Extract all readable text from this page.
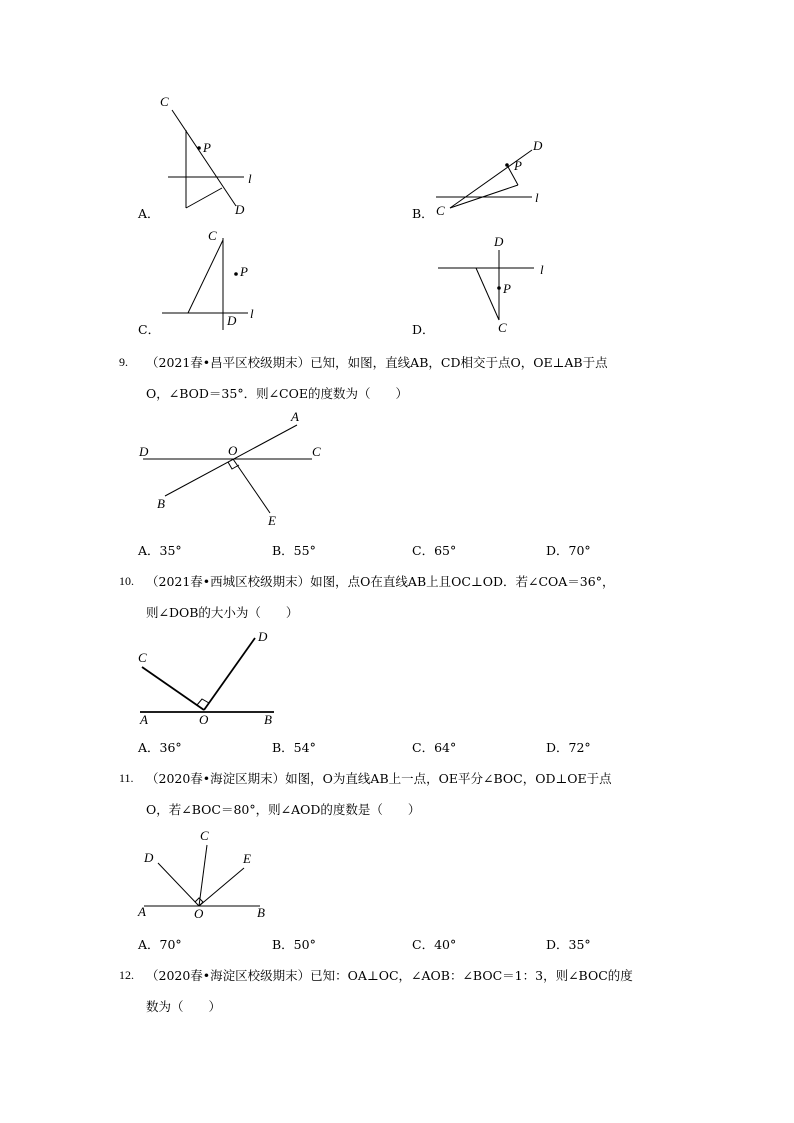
C
P
D
l
A．
D
P
l
C
B．
C
P
l
D
C．
D
l
P
C
D．
9. （2021春•昌平区校级期末）已知，如图，直线AB，CD相交于点O，OE⊥AB于点
O，∠BOD＝35°．则∠COE的度数为（　　）
D	O
A
C
B
E
A．35°	B．55°	C．65°	D．70°
10. （2021春•西城区校级期末）如图，点O在直线AB上且OC⊥OD．若∠COA＝36°，
则∠DOB的大小为（　　）
C
D
A	O	B
A．36°	B．54°	C．64°	D．72°
11. （2020春•海淀区期末）如图，O为直线AB上一点，OE平分∠BOC，OD⊥OE于点
O，若∠BOC＝80°，则∠AOD的度数是（　　）
C
D	E
A	O	B
A．70°	B．50°	C．40°	D．35°
12. （2020春•海淀区校级期末）已知：OA⊥OC，∠AOB：∠BOC＝1：3，则∠BOC的度
数为（　　）
